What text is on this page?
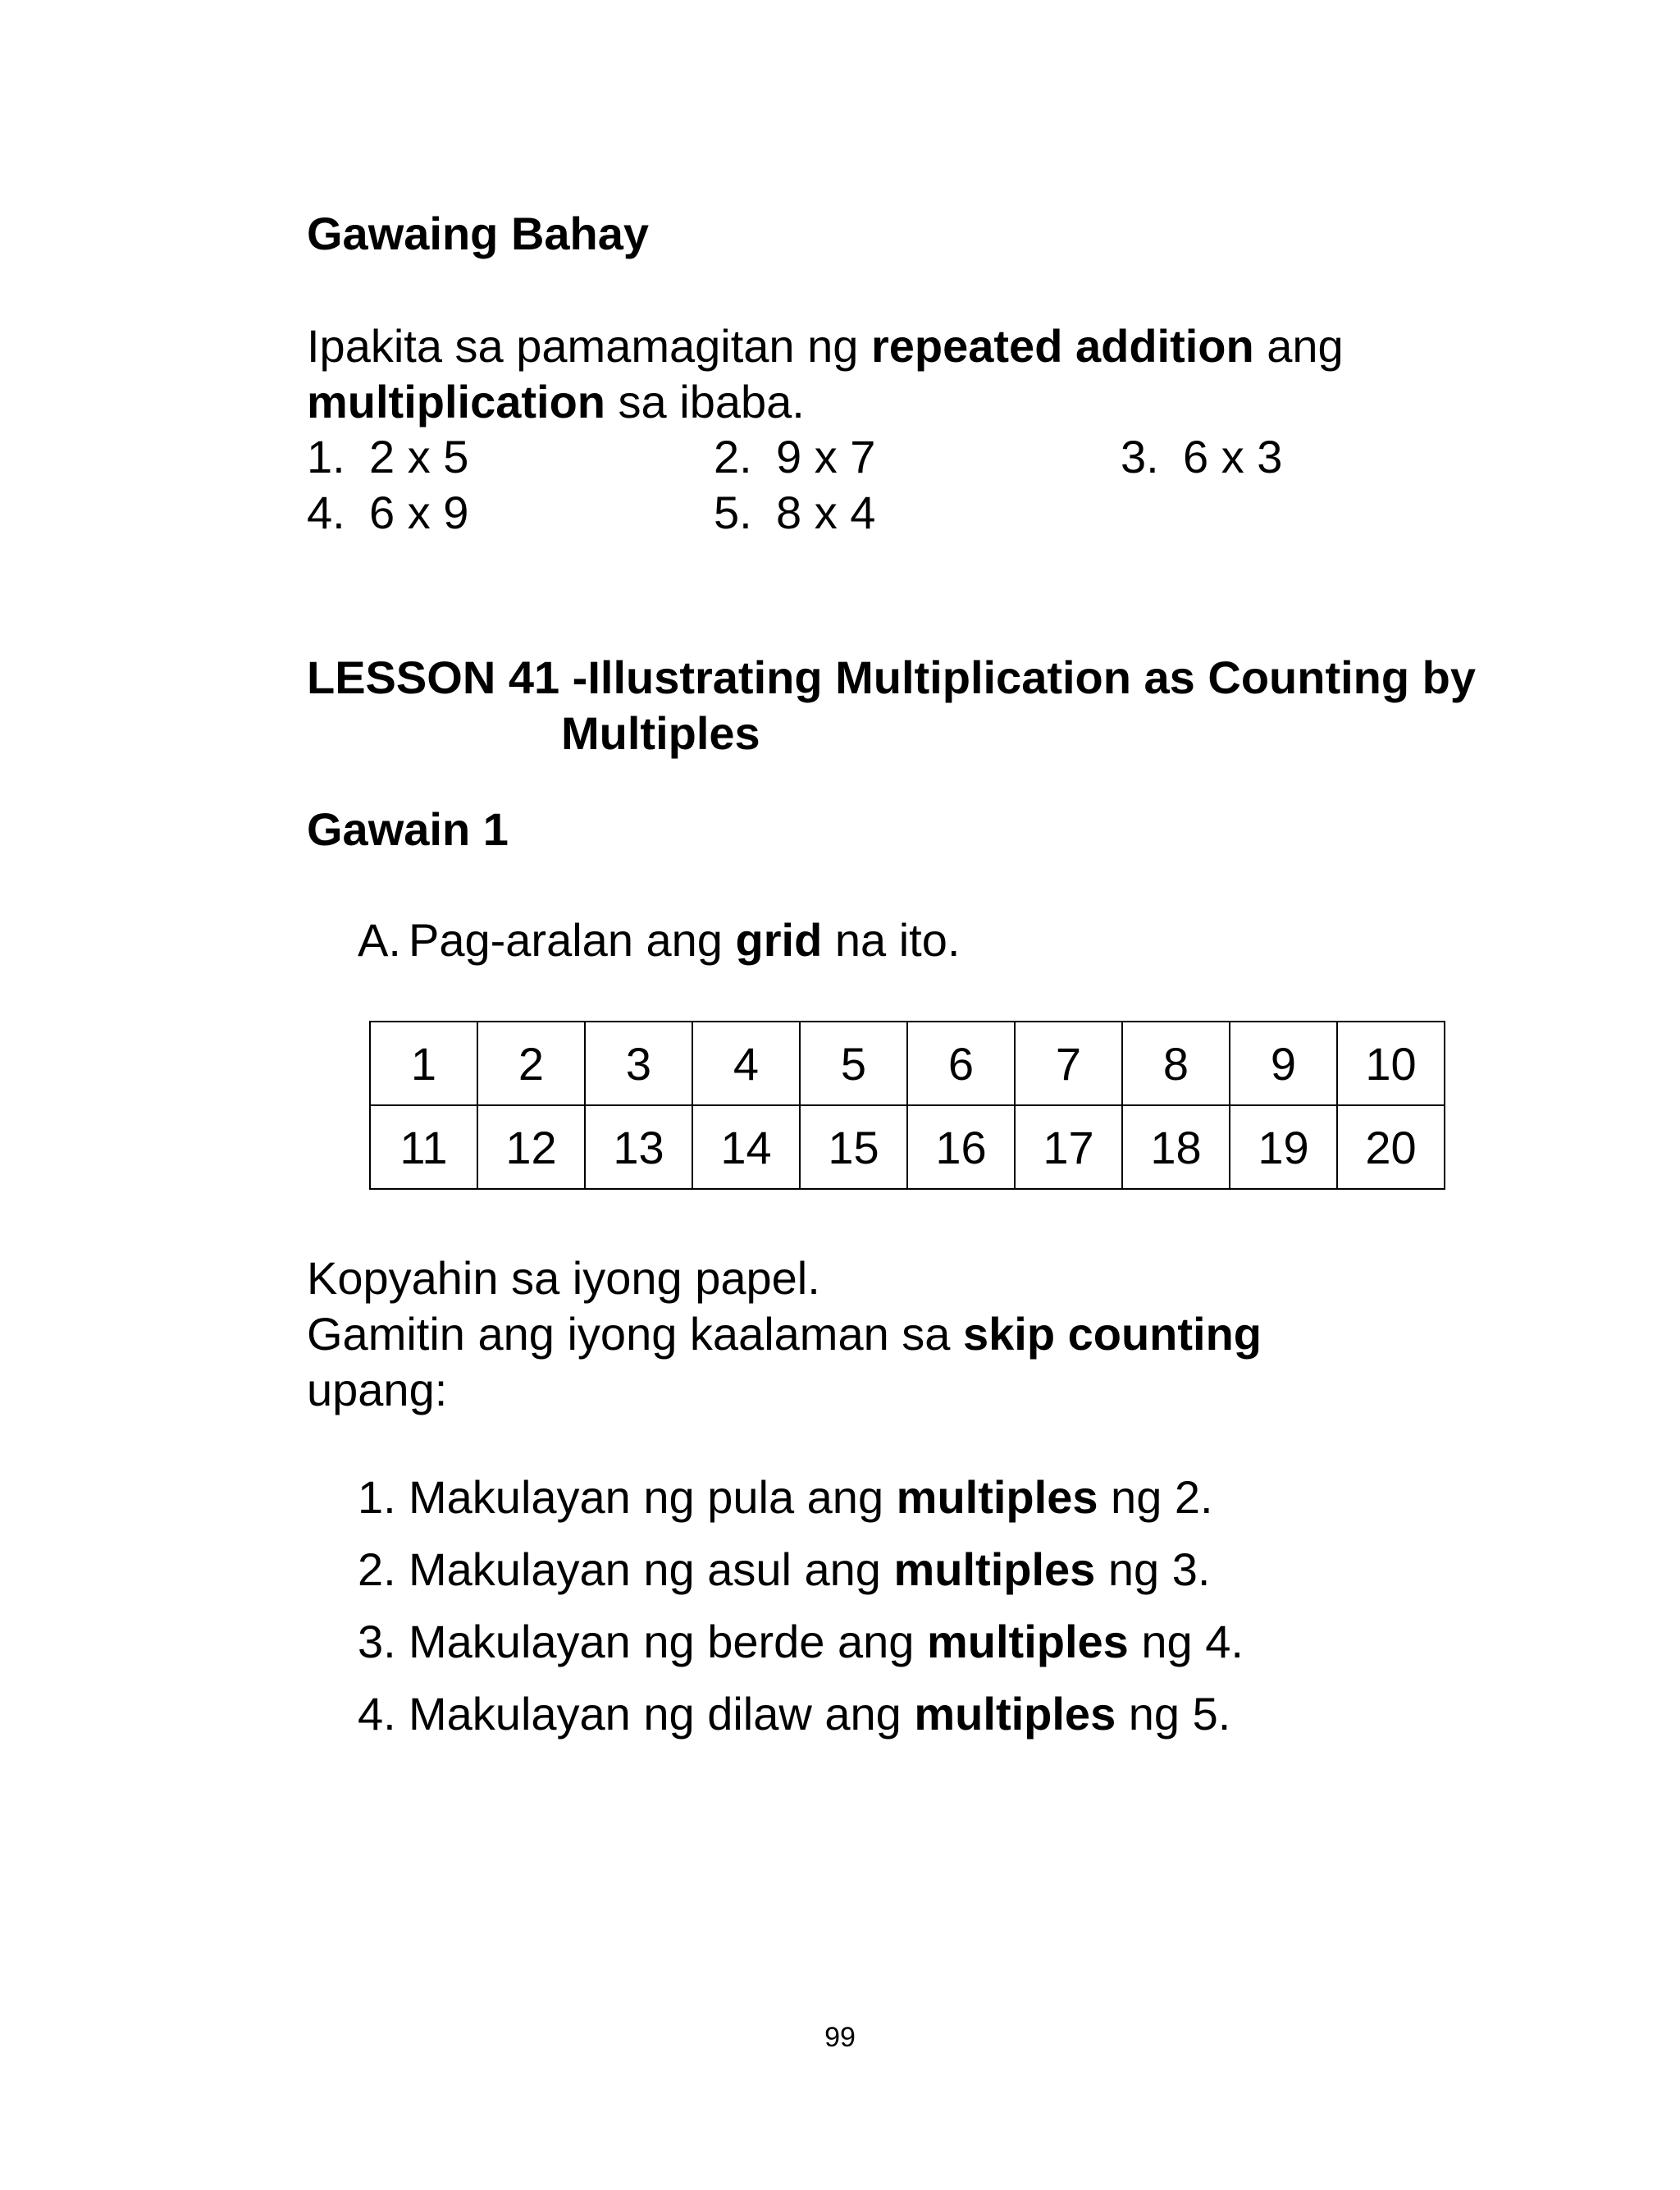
Gawaing Bahay
Ipakita sa pamamagitan ng repeated addition ang
multiplication sa ibaba.
1. 2 x 5	2. 9 x 7	3. 6 x 3
4. 6 x 9	5. 8 x 4
LESSON 41 -Illustrating Multiplication as Counting by
Multiples
Gawain 1
A. Pag-aralan ang grid na ito.
1	2	3	4	5	6	7	8	9	10
11	12	13	14	15	16	17	18	19	20
Kopyahin sa iyong papel.
Gamitin ang iyong kaalaman sa skip counting
upang:
1. Makulayan ng pula ang multiples ng 2.
2. Makulayan ng asul ang multiples ng 3.
3. Makulayan ng berde ang multiples ng 4.
4. Makulayan ng dilaw ang multiples ng 5.
99
